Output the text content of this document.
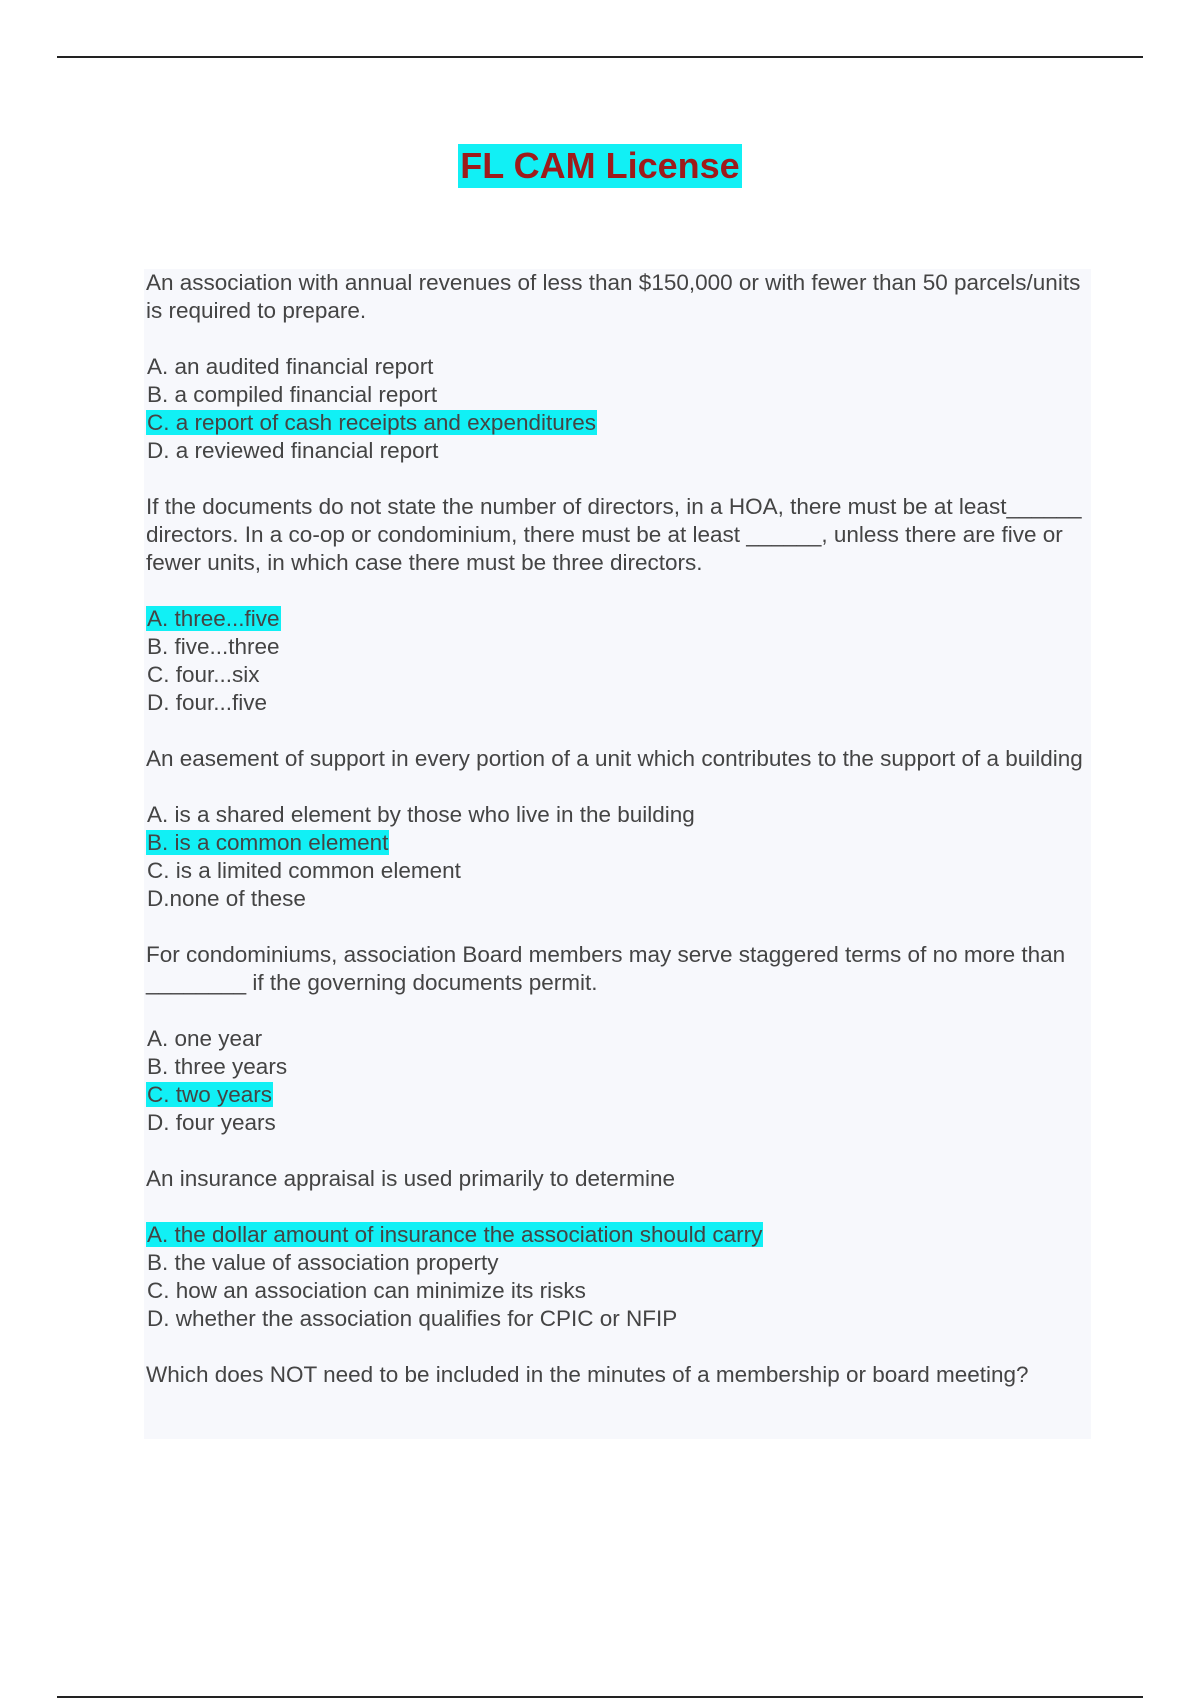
FL CAM License

An association with annual revenues of less than $150,000 or with fewer than 50 parcels/units is required to prepare.

A. an audited financial report

B. a compiled financial report

C. a report of cash receipts and expenditures

D. a reviewed financial report

If the documents do not state the number of directors, in a HOA, there must be at least______ directors. In a co-op or condominium, there must be at least ______, unless there are five or fewer units, in which case there must be three directors.

A. three...five

B. five...three

C. four...six

D. four...five

An easement of support in every portion of a unit which contributes to the support of a building

A. is a shared element by those who live in the building

B. is a common element

C. is a limited common element

D.none of these

For condominiums, association Board members may serve staggered terms of no more than ________ if the governing documents permit.

A. one year

B. three years

C. two years

D. four years

An insurance appraisal is used primarily to determine

A. the dollar amount of insurance the association should carry

B. the value of association property

C. how an association can minimize its risks

D. whether the association qualifies for CPIC or NFIP

Which does NOT need to be included in the minutes of a membership or board meeting?
